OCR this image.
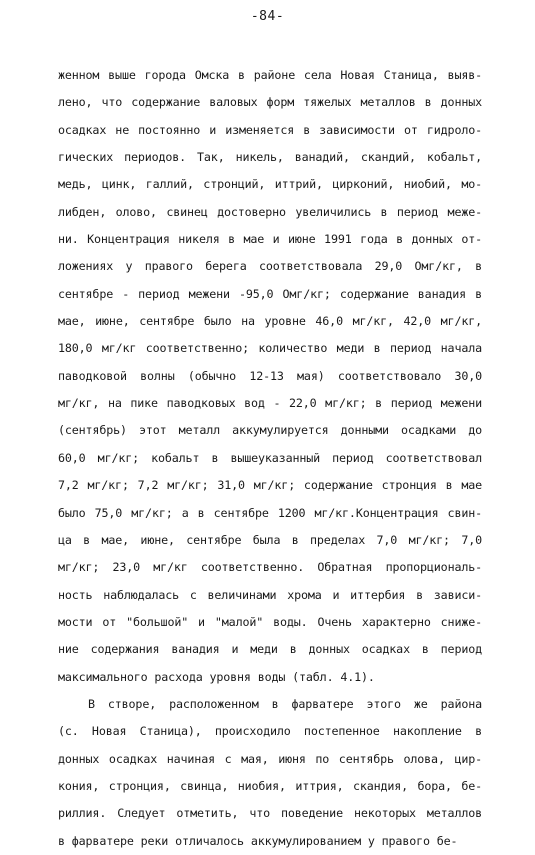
-84-
женном выше города Омска в районе села Новая Станица, выяв-
лено, что содержание валовых форм тяжелых металлов в донных
осадках не постоянно и изменяется в зависимости от гидроло-
гических периодов. Так, никель, ванадий, скандий, кобальт,
медь, цинк, галлий, стронций, иттрий, цирконий, ниобий, мо-
либден, олово, свинец достоверно увеличились в период меже-
ни. Концентрация никеля в мае и июне 1991 года в донных от-
ложениях у правого берега соответствовала 29,0 Омг/кг, в
сентябре - период межени -95,0 Омг/кг; содержание ванадия в
мае, июне, сентябре было на уровне 46,0 мг/кг, 42,0 мг/кг,
180,0 мг/кг соответственно; количество меди в период начала
паводковой волны (обычно 12-13 мая) соответствовало 30,0
мг/кг, на пике паводковых вод - 22,0 мг/кг; в период межени
(сентябрь) этот металл аккумулируется донными осадками до
60,0 мг/кг; кобальт в вышеуказанный период соответствовал
7,2 мг/кг; 7,2 мг/кг; 31,0 мг/кг; содержание стронция в мае
было 75,0 мг/кг; а в сентябре 1200 мг/кг.Концентрация свин-
ца в мае, июне, сентябре была в пределах 7,0 мг/кг; 7,0
мг/кг; 23,0 мг/кг соответственно. Обратная пропорциональ-
ность наблюдалась с величинами хрома и иттербия в зависи-
мости от "большой" и "малой" воды. Очень характерно сниже-
ние содержания ванадия и меди в донных осадках в период
максимального расхода уровня воды (табл. 4.1).
В створе, расположенном в фарватере этого же района
(с. Новая Станица), происходило постепенное накопление в
донных осадках начиная с мая, июня по сентябрь олова, цир-
кония, стронция, свинца, ниобия, иттрия, скандия, бора, бе-
риллия. Следует отметить, что поведение некоторых металлов
в фарватере реки отличалось аккумулированием у правого бе-
